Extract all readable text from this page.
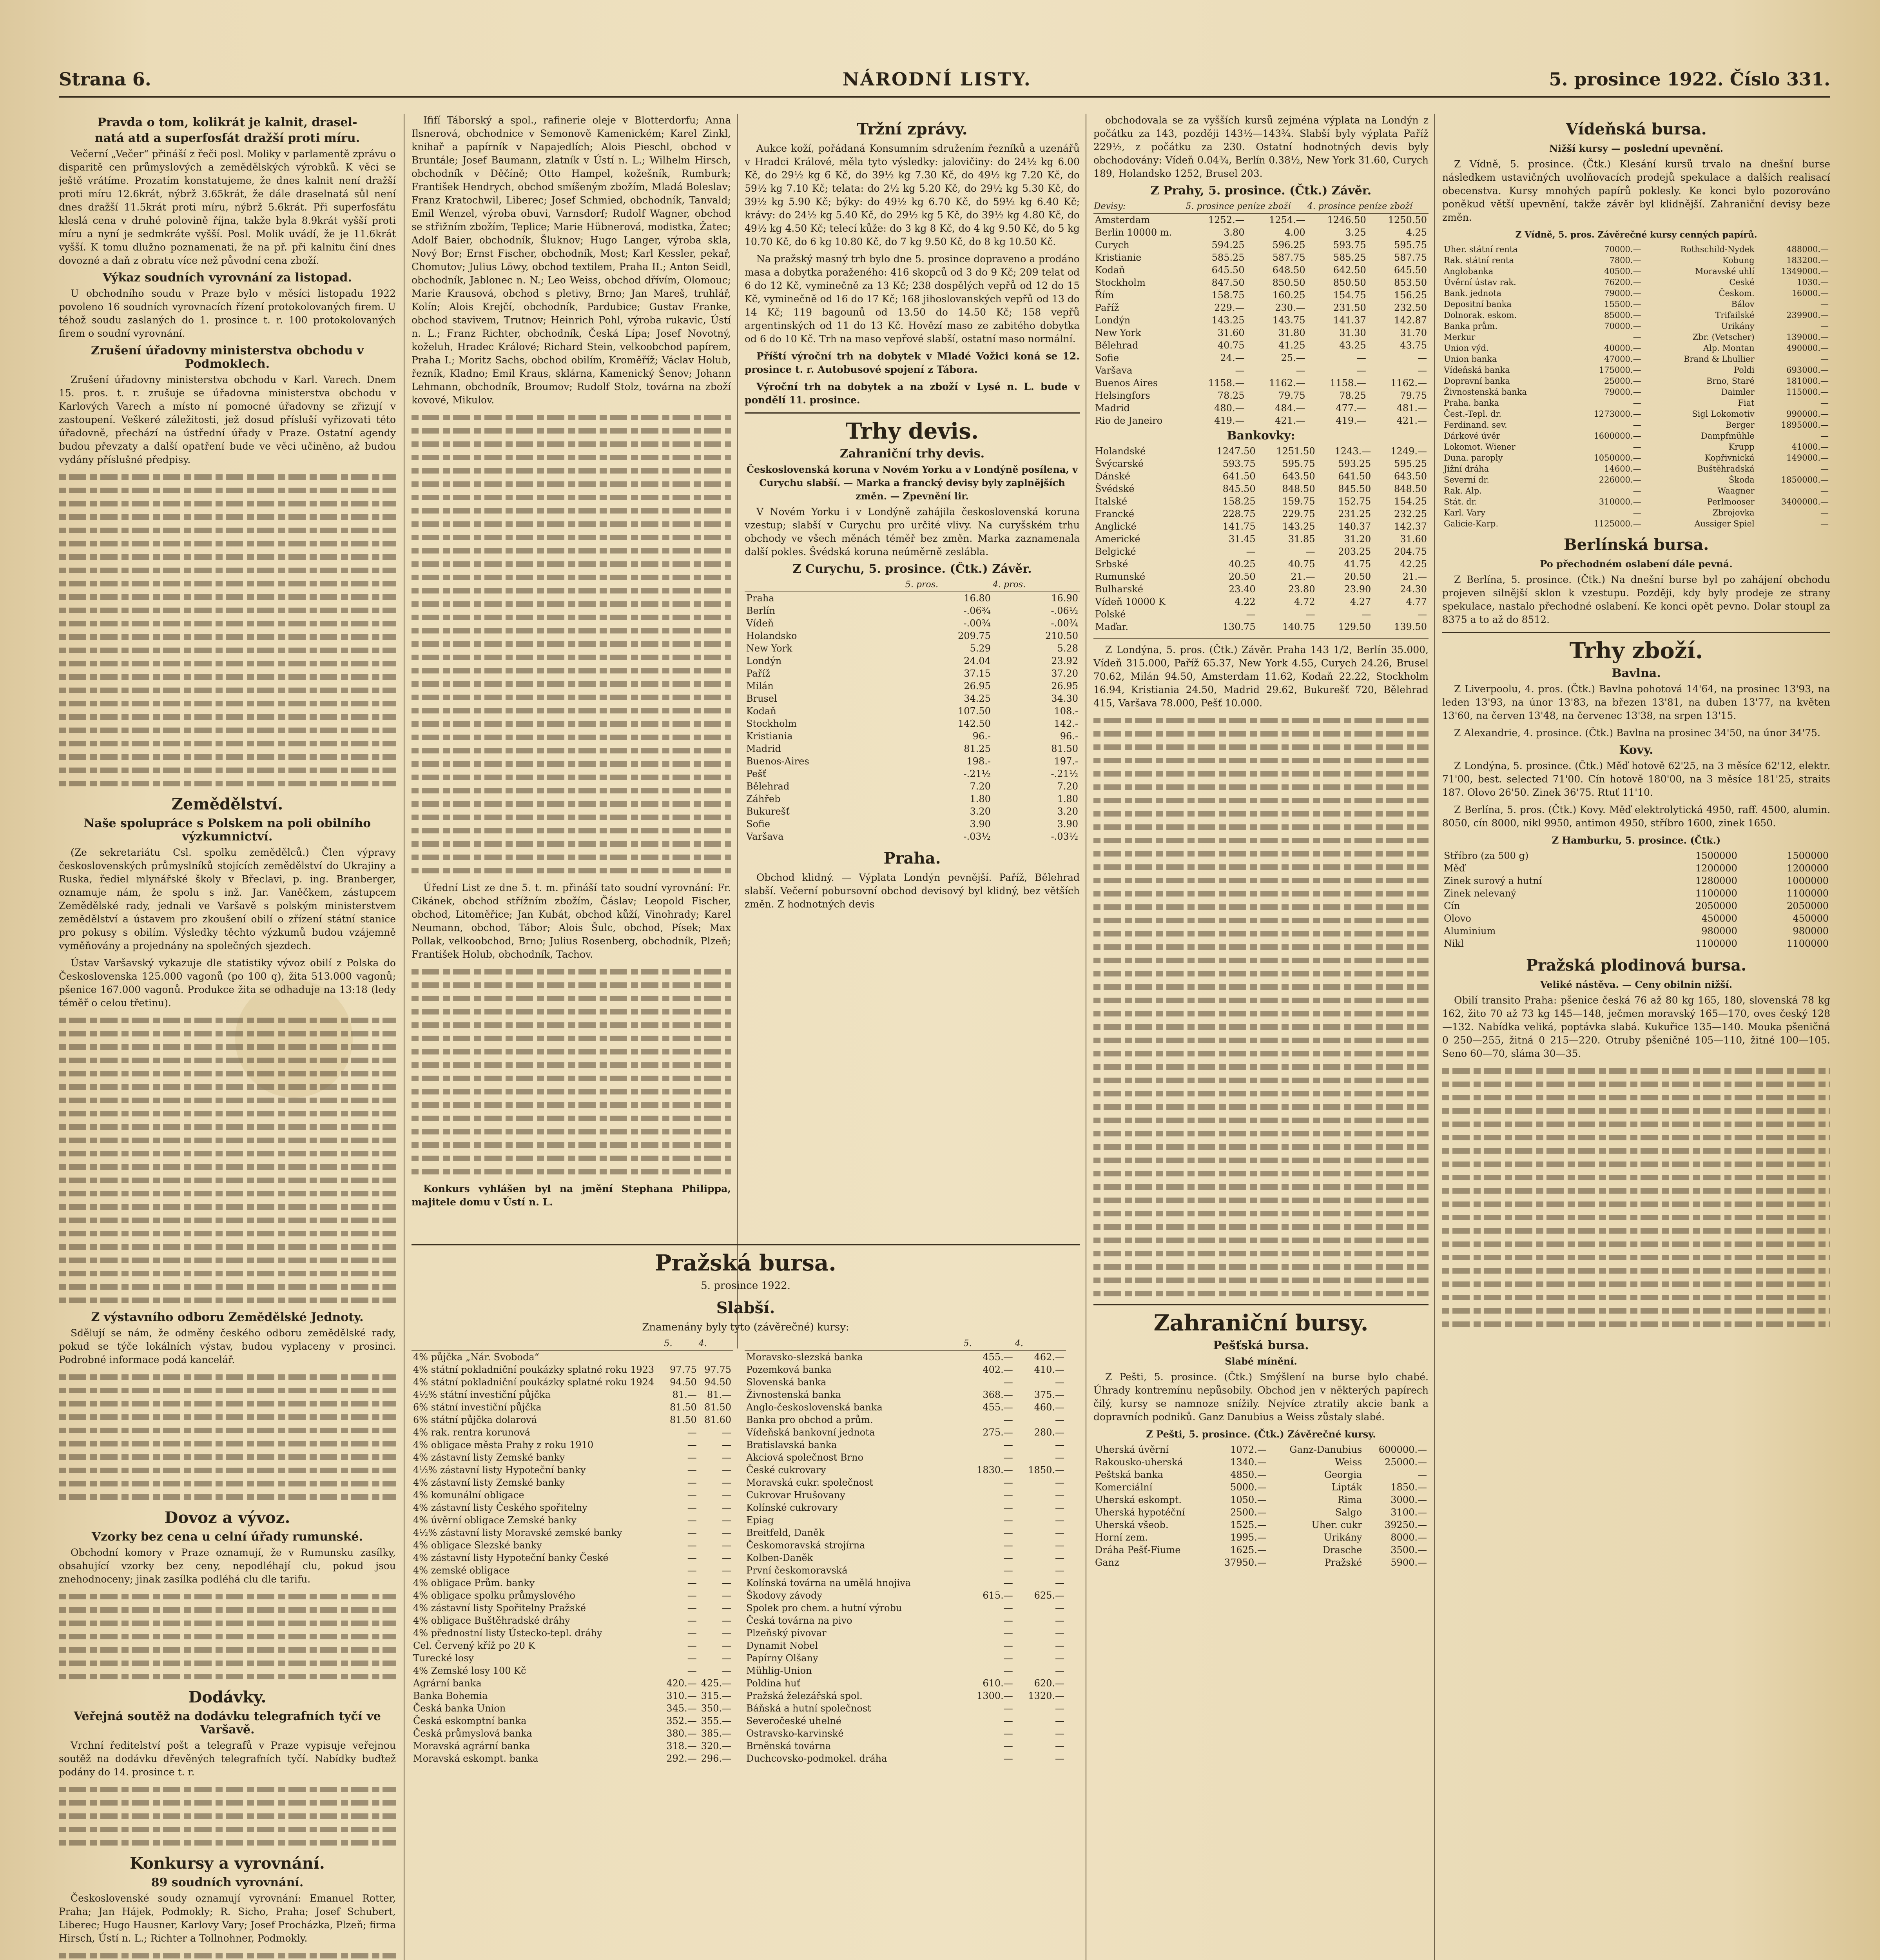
Strana 6.	NÁRODNÍ LISTY.	5. prosince 1922. Číslo 331.
Pravda o tom, kolikrát je kalnit, drasel-
natá atd a superfosfát dražší proti míru.

Večerní „Večer“ přináší z řeči posl. Moliky v parlamentě zprávu o disparitě cen průmyslových a zemědělských výrobků. K věci se ještě vrátíme. Prozatím konstatujeme, že dnes kalnit není dražší proti míru 12.6krát, nýbrž 3.65krát, že dále draselnatá sůl není dnes dražší 11.5krát proti míru, nýbrž 5.6krát. Při superfosfátu kleslá cena v druhé polovině října, takže byla 8.9krát vyšší proti míru a nyní je sedmkráte vyšší. Posl. Molik uvádí, že je 11.6krát vyšší. K tomu dlužno poznamenati, že na př. při kalnitu činí dnes dovozné a daň z obratu více než původní cena zboží.

Výkaz soudních vyrovnání za listopad.

U obchodního soudu v Praze bylo v měsíci listopadu 1922 povoleno 16 soudních vyrovnacích řízení protokolovaných firem. U téhož soudu zaslaných do 1. prosince t. r. 100 protokolovaných firem o soudní vyrovnání.

Zrušení úřadovny ministerstva obchodu v Podmoklech.

Zrušení úřadovny ministerstva obchodu v Karl. Varech. Dnem 15. pros. t. r. zrušuje se úřadovna ministerstva obchodu v Karlových Varech a místo ní pomocné úřadovny se zřizují v zastoupení. Veškeré záležitosti, jež dosud přísluší vyřizovati této úřadovně, přechází na ústřední úřady v Praze. Ostatní agendy budou převzaty a další opatření bude ve věci učiněno, až budou vydány příslušné předpisy.

Zemědělství.
Naše spolupráce s Polskem na poli obilního výzkumnictví.

(Ze sekretariátu Csl. spolku zemědělců.) Člen výpravy československých průmyslníků stojících zemědělství do Ukrajiny a Ruska, řediel mlynářské školy v Břeclavi, p. ing. Branberger, oznamuje nám, že spolu s inž. Jar. Vaněčkem, zástupcem Zemědělské rady, jednali ve Varšavě s polským ministerstvem zemědělství a ústavem pro zkoušení obilí o zřízení státní stanice pro pokusy s obilím. Výsledky těchto výzkumů budou vzájemně vyměňovány a projednány na společných sjezdech.

Ústav Varšavský vykazuje dle statistiky vývoz obilí z Polska do Československa 125.000 vagonů (po 100 q), žita 513.000 vagonů; pšenice 167.000 vagonů. Produkce žita se odhaduje na 13:18 (ledy téměř o celou třetinu).

Z výstavního odboru Zemědělské Jednoty.

Sdělují se nám, že odměny českého odboru zemědělské rady, pokud se týče lokálních výstav, budou vyplaceny v prosinci. Podrobné informace podá kancelář.

Dovoz a vývoz.
Vzorky bez cena u celní úřady rumunské.

Obchodní komory v Praze oznamují, že v Rumunsku zasílky, obsahující vzorky bez ceny, nepodléhají clu, pokud jsou znehodnoceny; jinak zasílka podléhá clu dle tarifu.

Dodávky.
Veřejná soutěž na dodávku telegrafních tyčí ve Varšavě.

Vrchní ředitelství pošt a telegrafů v Praze vypisuje veřejnou soutěž na dodávku dřevěných telegrafních tyčí. Nabídky buďtež podány do 14. prosince t. r.

Konkursy a vyrovnání.
89 soudních vyrovnání.

Československé soudy oznamují vyrovnání: Emanuel Rotter, Praha; Jan Hájek, Podmokly; R. Sicho, Praha; Josef Schubert, Liberec; Hugo Hausner, Karlovy Vary; Josef Procházka, Plzeň; firma Hirsch, Ústí n. L.; Richter a Tollnohner, Podmokly.

Ififí Táborský a spol., rafinerie oleje v Blotterdorfu; Anna Ilsnerová, obchodnice v Semonově Kamenickém; Karel Zinkl, knihař a papírník v Napajedlích; Alois Pieschl, obchod v Bruntále; Josef Baumann, zlatník v Ústí n. L.; Wilhelm Hirsch, obchodník v Děčíně; Otto Hampel, kožešník, Rumburk; František Hendrych, obchod smíšeným zbožím, Mladá Boleslav; Franz Kratochwil, Liberec; Josef Schmied, obchodník, Tanvald; Emil Wenzel, výroba obuvi, Varnsdorf; Rudolf Wagner, obchod se střižním zbožím, Teplice; Marie Hübnerová, modistka, Žatec; Adolf Baier, obchodník, Šluknov; Hugo Langer, výroba skla, Nový Bor; Ernst Fischer, obchodník, Most; Karl Kessler, pekař, Chomutov; Julius Löwy, obchod textilem, Praha II.; Anton Seidl, obchodník, Jablonec n. N.; Leo Weiss, obchod dřívím, Olomouc; Marie Krausová, obchod s pletivy, Brno; Jan Mareš, truhlář, Kolín; Alois Krejčí, obchodník, Pardubice; Gustav Franke, obchod stavivem, Trutnov; Heinrich Pohl, výroba rukavic, Ústí n. L.; Franz Richter, obchodník, Česká Lípa; Josef Novotný, koželuh, Hradec Králové; Richard Stein, velkoobchod papírem, Praha I.; Moritz Sachs, obchod obilím, Kroměříž; Václav Holub, řezník, Kladno; Emil Kraus, sklárna, Kamenický Šenov; Johann Lehmann, obchodník, Broumov; Rudolf Stolz, továrna na zboží kovové, Mikulov.

Úřední List ze dne 5. t. m. přináší tato soudní vyrovnání: Fr. Cikánek, obchod střížním zbožím, Čáslav; Leopold Fischer, obchod, Litoměřice; Jan Kubát, obchod kůží, Vinohrady; Karel Neumann, obchod, Tábor; Alois Šulc, obchod, Písek; Max Pollak, velkoobchod, Brno; Julius Rosenberg, obchodník, Plzeň; František Holub, obchodník, Tachov.

Konkurs vyhlášen byl na jmění Stephana Philippa, majitele domu v Ústí n. L.

Tržní zprávy.

Aukce koží, pořádaná Konsumním sdružením řezníků a uzenářů v Hradci Králové, měla tyto výsledky: jalovičiny: do 24½ kg 6.00 Kč, do 29½ kg 6 Kč, do 39½ kg 7.30 Kč, do 49½ kg 7.20 Kč, do 59½ kg 7.10 Kč; telata: do 2½ kg 5.20 Kč, do 29½ kg 5.30 Kč, do 39½ kg 5.90 Kč; býky: do 49½ kg 6.70 Kč, do 59½ kg 6.40 Kč; krávy: do 24½ kg 5.40 Kč, do 29½ kg 5 Kč, do 39½ kg 4.80 Kč, do 49½ kg 4.50 Kč; telecí kůže: do 3 kg 8 Kč, do 4 kg 9.50 Kč, do 5 kg 10.70 Kč, do 6 kg 10.80 Kč, do 7 kg 9.50 Kč, do 8 kg 10.50 Kč.

Na pražský masný trh bylo dne 5. prosince dopraveno a prodáno masa a dobytka poraženého: 416 skopců od 3 do 9 Kč; 209 telat od 6 do 12 Kč, vyminečně za 13 Kč; 238 dospělých vepřů od 12 do 15 Kč, vyminečně od 16 do 17 Kč; 168 jihoslovanských vepřů od 13 do 14 Kč; 119 bagounů od 13.50 do 14.50 Kč; 158 vepřů argentinských od 11 do 13 Kč. Hovězí maso ze zabitého dobytka od 6 do 10 Kč. Trh na maso vepřové slabší, ostatní maso normální.

Příští výroční trh na dobytek v Mladé Vožici koná se 12. prosince t. r. Autobusové spojení z Tábora.

Výroční trh na dobytek a na zboží v Lysé n. L. bude v pondělí 11. prosince.

Trhy devis.
Zahraniční trhy devis.
Československá koruna v Novém Yorku a v Londýně posílena, v Curychu slabší. — Marka a francký devisy byly zaplnějších změn. — Zpevnění lir.

V Novém Yorku i v Londýně zahájila československá koruna vzestup; slabší v Curychu pro určité vlivy. Na curyšském trhu obchody ve všech měnách téměř bez změn. Marka zaznamenala další pokles. Švédská koruna neúměrně zeslábla.

Z Curychu, 5. prosince. (Čtk.) Závěr.
	5. pros.	4. pros.
Praha	16.80	16.90
Berlín	-.06¾	-.06½
Vídeň	-.00¾	-.00¾
Holandsko	209.75	210.50
New York	5.29	5.28
Londýn	24.04	23.92
Paříž	37.15	37.20
Milán	26.95	26.95
Brusel	34.25	34.30
Kodaň	107.50	108.-
Stockholm	142.50	142.-
Kristiania	96.-	96.-
Madrid	81.25	81.50
Buenos-Aires	198.-	197.-
Pešť	-.21½	-.21½
Bělehrad	7.20	7.20
Záhřeb	1.80	1.80
Bukurešť	3.20	3.20
Sofie	3.90	3.90
Varšava	-.03½	-.03½
Praha.

Obchod klidný. — Výplata Londýn pevnější. Paříž, Bělehrad slabší. Večerní pobursovní obchod devisový byl klidný, bez větších změn. Z hodnotných devis

Pražská bursa.
5. prosince 1922.
Slabší.
Znamenány byly tyto (závěrečné) kursy:
	5.	4.
4% půjčka „Nár. Svoboda“		
4% státní pokladniční poukázky splatné roku 1923	97.75	97.75
4% státní pokladniční poukázky splatné roku 1924	94.50	94.50
4½% státní investiční půjčka	81.—	81.—
6% státní investiční půjčka	81.50	81.50
6% státní půjčka dolarová	81.50	81.60
4% rak. rentra korunová	—	—
4% obligace města Prahy z roku 1910	—	—
4% zástavní listy Zemské banky	—	—
4½% zástavní listy Hypoteční banky	—	—
4% zástavní listy Zemské banky	—	—
4% komunální obligace	—	—
4% zástavní listy Českého spořitelny	—	—
4% úvěrní obligace Zemské banky	—	—
4½% zástavní listy Moravské zemské banky	—	—
4% obligace Slezské banky	—	—
4% zástavní listy Hypoteční banky České	—	—
4% zemské obligace	—	—
4% obligace Prům. banky	—	—
4% obligace spolku průmyslového	—	—
4% zástavní listy Spořitelny Pražské	—	—
4% obligace Buštěhradské dráhy	—	—
4% přednostní listy Ústecko-tepl. dráhy	—	—
Cel. Červený kříž po 20 K	—	—
Turecké losy	—	—
4% Zemské losy 100 Kč	—	—
Agrární banka	420.—	425.—
Banka Bohemia	310.—	315.—
Česká banka Union	345.—	350.—
Česká eskomptní banka	352.—	355.—
Česká průmyslová banka	380.—	385.—
Moravská agrární banka	318.—	320.—
Moravská eskompt. banka	292.—	296.—
	5.	4.
Moravsko-slezská banka	455.—	462.—
Pozemková banka	402.—	410.—
Slovenská banka	—	—
Živnostenská banka	368.—	375.—
Anglo-československá banka	455.—	460.—
Banka pro obchod a prům.	—	—
Vídeňská bankovní jednota	275.—	280.—
Bratislavská banka	—	—
Akciová společnost Brno	—	—
České cukrovary	1830.—	1850.—
Moravská cukr. společnost	—	—
Cukrovar Hrušovany	—	—
Kolínské cukrovary	—	—
Epiag	—	—
Breitfeld, Daněk	—	—
Českomoravská strojírna	—	—
Kolben-Daněk	—	—
První českomoravská	—	—
Kolínská továrna na umělá hnojiva	—	—
Škodovy závody	615.—	625.—
Spolek pro chem. a hutní výrobu	—	—
Česká továrna na pivo	—	—
Plzeňský pivovar	—	—
Dynamit Nobel	—	—
Papírny Olšany	—	—
Mühlig-Union	—	—
Poldina huť	610.—	620.—
Pražská železářská spol.	1300.—	1320.—
Báňská a hutní společnost	—	—
Severočeské uhelné	—	—
Ostravsko-karvinské	—	—
Brněnská továrna	—	—
Duchcovsko-podmokel. dráha	—	—

obchodovala se za vyšších kursů zejména výplata na Londýn z počátku za 143, později 143½—143¾. Slabší byly výplata Paříž 229½, z počátku za 230. Ostatní hodnotných devis byly obchodovány: Vídeň 0.04¾, Berlín 0.38½, New York 31.60, Curych 189, Holandsko 1252, Brusel 203.

Z Prahy, 5. prosince. (Čtk.) Závěr.
Devisy:	5. prosince peníze zboží		4. prosince peníze zboží	
Amsterdam	1252.—	1254.—	1246.50	1250.50
Berlin 10000 m.	3.80	4.00	3.25	4.25
Curych	594.25	596.25	593.75	595.75
Kristianie	585.25	587.75	585.25	587.75
Kodaň	645.50	648.50	642.50	645.50
Stockholm	847.50	850.50	850.50	853.50
Řím	158.75	160.25	154.75	156.25
Paříž	229.—	230.—	231.50	232.50
Londýn	143.25	143.75	141.37	142.87
New York	31.60	31.80	31.30	31.70
Bělehrad	40.75	41.25	43.25	43.75
Sofie	24.—	25.—	—	—
Varšava	—	—	—	—
Buenos Aires	1158.—	1162.—	1158.—	1162.—
Helsingfors	78.25	79.75	78.25	79.75
Madrid	480.—	484.—	477.—	481.—
Rio de Janeiro	419.—	421.—	419.—	421.—
Bankovky:
Holandské	1247.50	1251.50	1243.—	1249.—
Švýcarské	593.75	595.75	593.25	595.25
Dánské	641.50	643.50	641.50	643.50
Švédské	845.50	848.50	845.50	848.50
Italské	158.25	159.75	152.75	154.25
Francké	228.75	229.75	231.25	232.25
Anglické	141.75	143.25	140.37	142.37
Americké	31.45	31.85	31.20	31.60
Belgické	—	—	203.25	204.75
Srbské	40.25	40.75	41.75	42.25
Rumunské	20.50	21.—	20.50	21.—
Bulharské	23.40	23.80	23.90	24.30
Vídeň 10000 K	4.22	4.72	4.27	4.77
Polské	—	—	—	—
Maďar.	130.75	140.75	129.50	139.50

Z Londýna, 5. pros. (Čtk.) Závěr. Praha 143 1/2, Berlín 35.000, Vídeň 315.000, Paříž 65.37, New York 4.55, Curych 24.26, Brusel 70.62, Milán 94.50, Amsterdam 11.62, Kodaň 22.22, Stockholm 16.94, Kristiania 24.50, Madrid 29.62, Bukurešť 720, Bělehrad 415, Varšava 78.000, Pešť 10.000.

Zahraniční bursy.
Pešťská bursa.
Slabé mínění.

Z Pešti, 5. prosince. (Čtk.) Smýšlení na burse bylo chabé. Úhrady kontremínu nepůsobily. Obchod jen v některých papírech čilý, kursy se namnoze snížily. Nejvíce ztratily akcie bank a dopravních podniků. Ganz Danubius a Weiss zůstaly slabé.

Z Pešti, 5. prosince. (Čtk.) Závěrečné kursy.
Uherská úvěrní	1072.—	Ganz-Danubius	600000.—
Rakousko-uherská	1340.—	Weiss	25000.—
Peštská banka	4850.—	Georgia	—
Komerciální	5000.—	Lipták	1850.—
Uherská eskompt.	1050.—	Rima	3000.—
Uherská hypotéční	2500.—	Salgo	3100.—
Uherská všeob.	1525.—	Uher. cukr	39250.—
Horní zem.	1995.—	Urikány	8000.—
Dráha Pešť-Fiume	1625.—	Drasche	3500.—
Ganz	37950.—	Pražské	5900.—
Vídeňská bursa.
Nižší kursy — poslední upevnění.

Z Vídně, 5. prosince. (Čtk.) Klesání kursů trvalo na dnešní burse následkem ustavičných uvolňovacích prodejů spekulace a dalších realisací obecenstva. Kursy mnohých papírů poklesly. Ke konci bylo pozorováno poněkud větší upevnění, takže závěr byl klidnější. Zahraniční devisy beze změn.

Z Vídně, 5. pros. Závěrečné kursy cenných papírů.
Uher. státní renta	70000.—	Rothschild-Nydek	488000.—
Rak. státní renta	7800.—	Kobung	183200.—
Anglobanka	40500.—	Moravské uhlí	1349000.—
Úvěrní ústav rak.	76200.—	Ceské	1030.—
Bank. jednota	79000.—	Českom.	16000.—
Depositní banka	15500.—	Bálov	—
Dolnorak. eskom.	85000.—	Trifailské	239900.—
Banka prům.	70000.—	Urikány	—
Merkur	—	Zbr. (Vetscher)	139000.—
Union výd.	40000.—	Alp. Montan	490000.—
Union banka	47000.—	Brand & Lhullier	—
Vídeňská banka	175000.—	Poldi	693000.—
Dopravní banka	25000.—	Brno, Staré	181000.—
Živnostenská banka	79000.—	Daimler	115000.—
Praha. banka	—	Fiat	—
Čest.-Tepl. dr.	1273000.—	Sigl Lokomotiv	990000.—
Ferdinand. sev.	—	Berger	1895000.—
Dárkové úvěr	1600000.—	Dampfmühle	—
Lokomot. Wiener	—	Krupp	41000.—
Duna. paroply	1050000.—	Kopřivnická	149000.—
Jižní dráha	14600.—	Buštěhradská	—
Severní dr.	226000.—	Škoda	1850000.—
Rak. Alp.	—	Waagner	—
Stát. dr.	310000.—	Perlmooser	3400000.—
Karl. Vary	—	Zbrojovka	—
Galicie-Karp.	1125000.—	Aussiger Spiel	—
Berlínská bursa.
Po přechodném oslabení dále pevná.

Z Berlína, 5. prosince. (Čtk.) Na dnešní burse byl po zahájení obchodu projeven silnější sklon k vzestupu. Později, kdy byly prodeje ze strany spekulace, nastalo přechodné oslabení. Ke konci opět pevno. Dolar stoupl za 8375 a to až do 8512.

Trhy zboží.
Bavlna.

Z Liverpoolu, 4. pros. (Čtk.) Bavlna pohotová 14'64, na prosinec 13'93, na leden 13'93, na únor 13'83, na březen 13'81, na duben 13'77, na květen 13'60, na červen 13'48, na červenec 13'38, na srpen 13'15.

Z Alexandrie, 4. prosince. (Čtk.) Bavlna na prosinec 34'50, na únor 34'75.

Kovy.

Z Londýna, 5. prosince. (Čtk.) Měď hotově 62'25, na 3 měsíce 62'12, elektr. 71'00, best. selected 71'00. Cín hotově 180'00, na 3 měsíce 181'25, straits 187. Olovo 26'50. Zinek 36'75. Rtuť 11'10.

Z Berlína, 5. pros. (Čtk.) Kovy. Měď elektrolytická 4950, raff. 4500, alumin. 8050, cín 8000, nikl 9950, antimon 4950, stříbro 1600, zinek 1650.

Z Hamburku, 5. prosince. (Čtk.)
Stříbro (za 500 g)	1500000	1500000
Měď	1200000	1200000
Zinek surový a hutní	1280000	1000000
Zinek nelevaný	1100000	1100000
Cín	2050000	2050000
Olovo	450000	450000
Aluminium	980000	980000
Nikl	1100000	1100000
Pražská plodinová bursa.
Veliké nástěva. — Ceny obilnin nižší.

Obilí transito Praha: pšenice česká 76 až 80 kg 165, 180, slovenská 78 kg 162, žito 70 až 73 kg 145—148, ječmen moravský 165—170, oves český 128—132. Nabídka veliká, poptávka slabá. Kukuřice 135—140. Mouka pšeničná 0 250—255, žitná 0 215—220. Otruby pšeničné 105—110, žitné 100—105. Seno 60—70, sláma 30—35.
